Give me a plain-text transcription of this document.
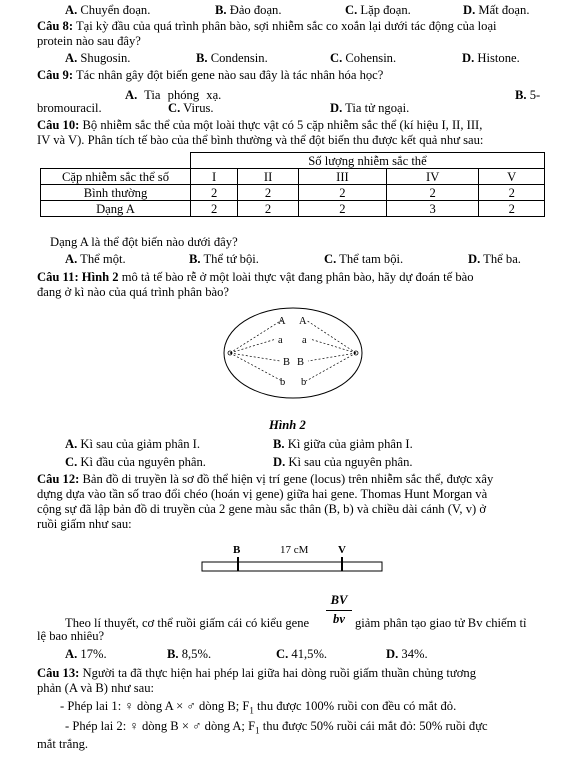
A. Chuyển đoạn.	B. Đảo đoạn.	C. Lặp đoạn.	D. Mất đoạn.
Câu 8: Tại kỳ đầu của quá trình phân bào, sợi nhiễm sắc co xoắn lại dưới tác động của loại
protein nào sau đây?
A. Shugosin.	B. Condensin.	C. Cohensin.	D. Histone.
Câu 9: Tác nhân gây đột biến gene nào sau đây là tác nhân hóa học?
A. Tia phóng xạ.	B. 5-
bromouracil.	C. Virus.	D. Tia tử ngoại.
Câu 10: Bộ nhiễm sắc thể của một loài thực vật có 5 cặp nhiễm sắc thể (kí hiệu I, II, III,
IV và V). Phân tích tế bào của thể bình thường và thể đột biến thu được kết quả như sau:
	Số lượng nhiễm sắc thể				
Cặp nhiễm sắc thể số	I	II	III	IV	V
Bình thường	2	2	2	2	2
Dạng A	2	2	2	3	2
Dạng A là thể đột biến nào dưới đây?
A. Thể một.	B. Thể tứ bội.	C. Thể tam bội.	D. Thể ba.
Câu 11: Hình 2 mô tả tế bào rễ ở một loài thực vật đang phân bào, hãy dự đoán tế bào
đang ở kì nào của quá trình phân bào?
A A
a a
B B
b b
Hình 2
A. Kì sau của giảm phân I.	B. Kì giữa của giảm phân I.
C. Kì đầu của nguyên phân.	D. Kì sau của nguyên phân.
Câu 12: Bản đồ di truyền là sơ đồ thể hiện vị trí gene (locus) trên nhiễm sắc thể, được xây
dựng dựa vào tần số trao đổi chéo (hoán vị gene) giữa hai gene. Thomas Hunt Morgan và
cộng sự đã lập bản đồ di truyền của 2 gene màu sắc thân (B, b) và chiều dài cánh (V, v) ở
ruồi giấm như sau:
B	17 cM	V
Theo lí thuyết, cơ thể ruồi giấm cái có kiểu gene
BV
bv giảm phân tạo giao tử Bv chiếm tỉ
lệ bao nhiêu?
A. 17%.	B. 8,5%.	C. 41,5%.	D. 34%.
Câu 13: Người ta đã thực hiện hai phép lai giữa hai dòng ruồi giấm thuần chủng tương
phản (A và B) như sau:
- Phép lai 1: ♀ dòng A × ♂ dòng B; $F_1$ thu được 100% ruồi con đều có mắt đỏ.
- Phép lai 2: ♀ dòng B × ♂ dòng A; $F_1$ thu được 50% ruồi cái mắt đỏ: 50% ruồi đực
mắt trắng.
